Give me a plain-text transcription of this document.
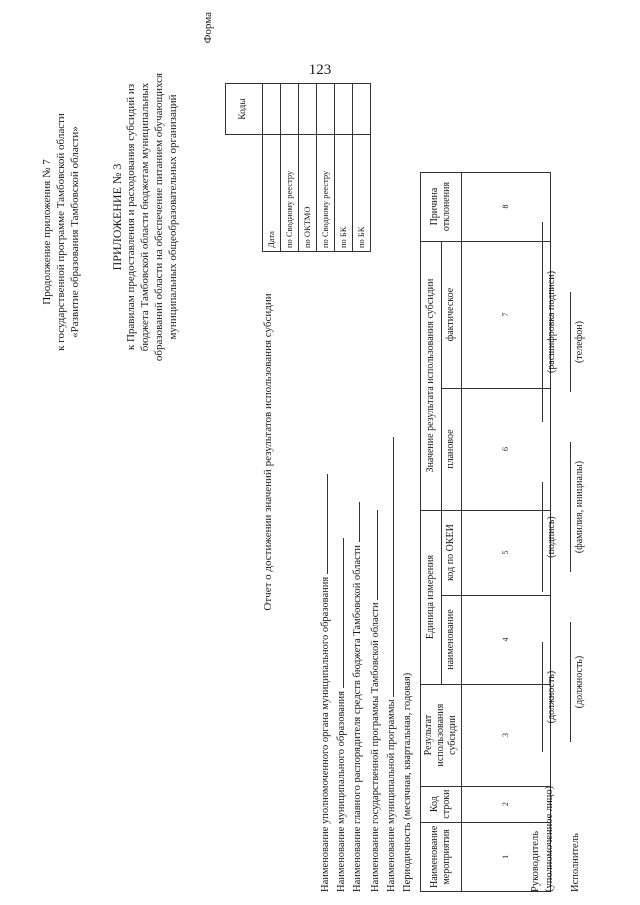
123
Продолжение приложения № 7 к государственной программе Тамбовской области «Развитие образования Тамбовской области» ПРИЛОЖЕНИЕ № 3 к Правилам предоставления и расходования субсидий из бюджета Тамбовской области бюджетам муниципальных образований области на обеспечение питанием обучающихся муниципальных общеобразовательных организаций
Форма
	Коды
Дата	
по Сводному реестру	
по ОКТМО	
по Сводному реестру	
по БК	
по БК	
Отчет о достижении значений результатов использования субсидии
Наименование уполномоченного органа муниципального образования Наименование муниципального образования Наименование главного распорядителя средств бюджета Тамбовской области Наименование государственной программы Тамбовской области Наименование муниципальной программы Периодичность (месячная, квартальная, годовая)	Наименование мероприятия	Код строки	Результат использования субсидии	Единица измерения		Значение результата использования субсидии		Причина отклонения
			наименование	код по ОКЕИ	плановое	фактическое	
1	2	3	4	5	6	7	8
Руководитель (уполномоченное лицо)
(должность)
(подпись)
(расшифровка подписи)
Исполнитель
(должность)
(фамилия, инициалы)
(телефон)
